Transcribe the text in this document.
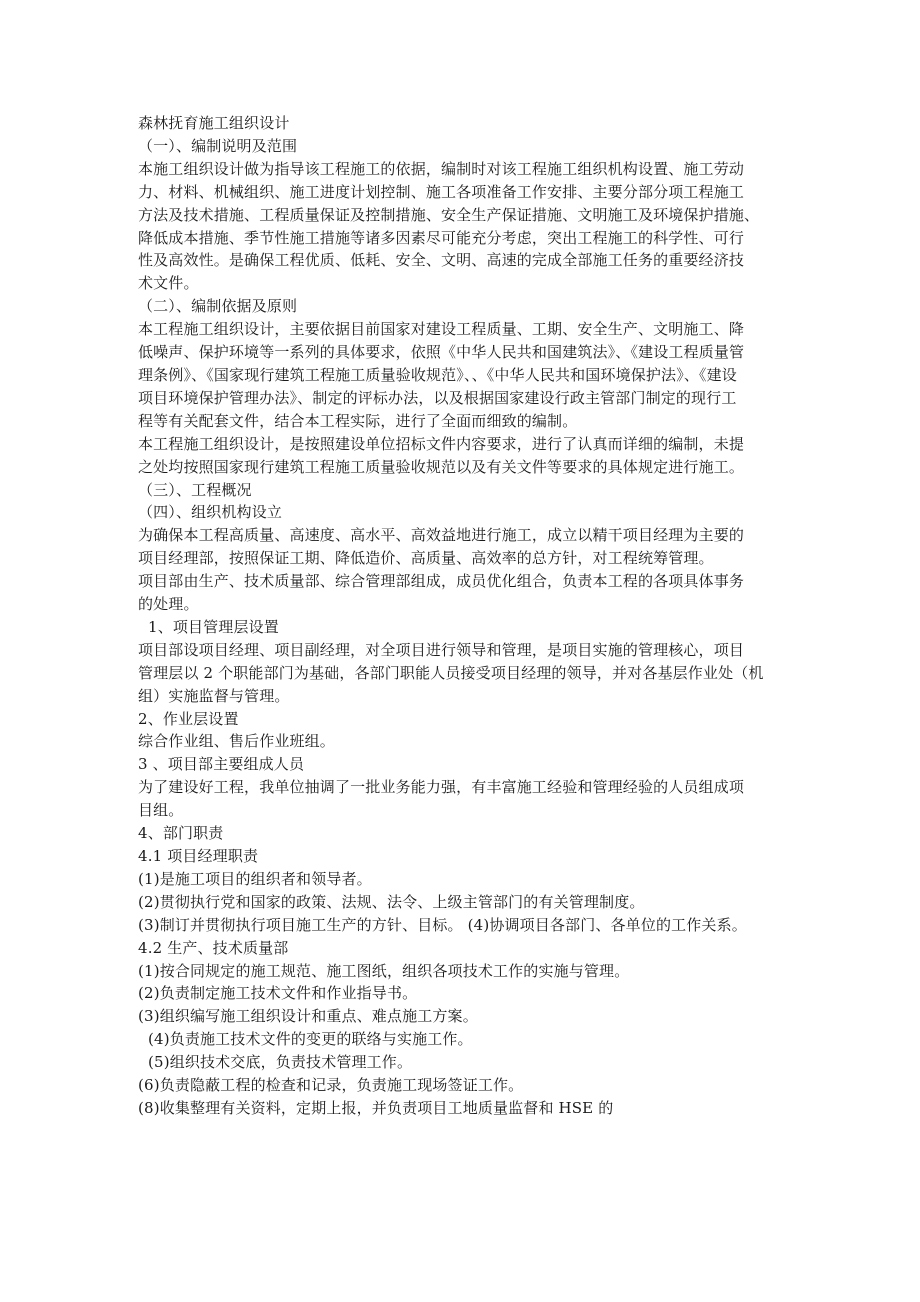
森林抚育施工组织设计

（一）、编制说明及范围

本施工组织设计做为指导该工程施工的依据，编制时对该工程施工组织机构设置、施工劳动

力、材料、机械组织、施工进度计划控制、施工各项准备工作安排、主要分部分项工程施工

方法及技术措施、工程质量保证及控制措施、安全生产保证措施、文明施工及环境保护措施、

降低成本措施、季节性施工措施等诸多因素尽可能充分考虑，突出工程施工的科学性、可行

性及高效性。是确保工程优质、低耗、安全、文明、高速的完成全部施工任务的重要经济技

术文件。

（二）、编制依据及原则

本工程施工组织设计，主要依据目前国家对建设工程质量、工期、安全生产、文明施工、降

低噪声、保护环境等一系列的具体要求，依照《中华人民共和国建筑法》、《建设工程质量管

理条例》、《国家现行建筑工程施工质量验收规范》、、《中华人民共和国环境保护法》、《建设

项目环境保护管理办法》、制定的评标办法，以及根据国家建设行政主管部门制定的现行工

程等有关配套文件，结合本工程实际，进行了全面而细致的编制。

本工程施工组织设计，是按照建设单位招标文件内容要求，进行了认真而详细的编制，未提

之处均按照国家现行建筑工程施工质量验收规范以及有关文件等要求的具体规定进行施工。

（三）、工程概况

（四）、组织机构设立

为确保本工程高质量、高速度、高水平、高效益地进行施工，成立以精干项目经理为主要的

项目经理部，按照保证工期、降低造价、高质量、高效率的总方针，对工程统筹管理。

项目部由生产、技术质量部、综合管理部组成，成员优化组合，负责本工程的各项具体事务

的处理。

1、项目管理层设置

项目部设项目经理、项目副经理，对全项目进行领导和管理，是项目实施的管理核心，项目

管理层以 2 个职能部门为基础，各部门职能人员接受项目经理的领导，并对各基层作业处（机

组）实施监督与管理。

2、作业层设置

综合作业组、售后作业班组。

3 、项目部主要组成人员

为了建设好工程，我单位抽调了一批业务能力强，有丰富施工经验和管理经验的人员组成项

目组。

4、部门职责

4.1 项目经理职责

(1)是施工项目的组织者和领导者。

(2)贯彻执行党和国家的政策、法规、法令、上级主管部门的有关管理制度。

(3)制订并贯彻执行项目施工生产的方针、目标。 (4)协调项目各部门、各单位的工作关系。

4.2 生产、技术质量部

(1)按合同规定的施工规范、施工图纸，组织各项技术工作的实施与管理。

(2)负责制定施工技术文件和作业指导书。

(3)组织编写施工组织设计和重点、难点施工方案。

(4)负责施工技术文件的变更的联络与实施工作。

(5)组织技术交底，负责技术管理工作。

(6)负责隐蔽工程的检查和记录，负责施工现场签证工作。

(8)收集整理有关资料，定期上报，并负责项目工地质量监督和 HSE 的
